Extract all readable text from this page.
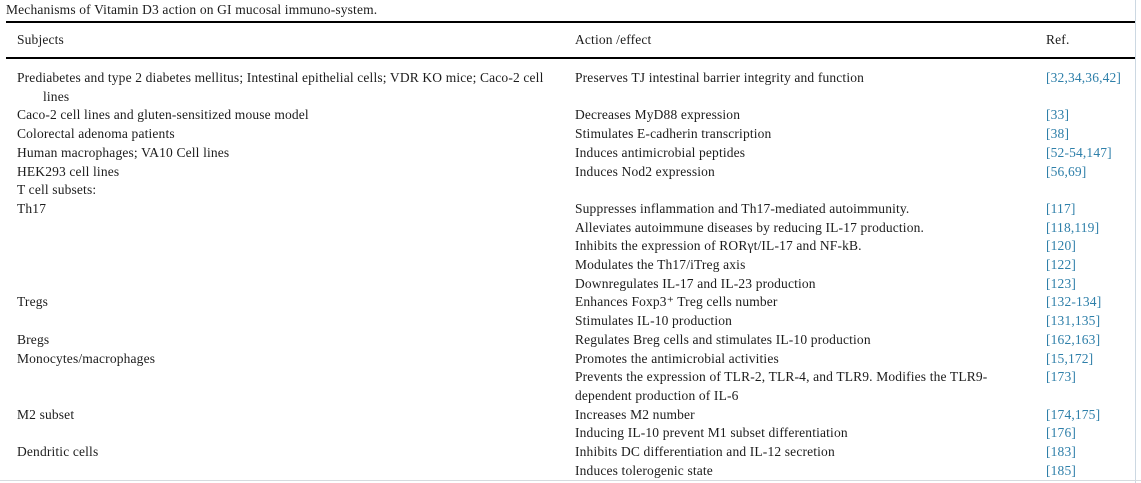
Mechanisms of Vitamin D3 action on GI mucosal immuno-system.
Subjects	Action /effect	Ref.
Prediabetes and type 2 diabetes mellitus; Intestinal epithelial cells; VDR KO mice; Caco-2 cell lines	Preserves TJ intestinal barrier integrity and function	[32,34,36,42]
Caco-2 cell lines and gluten-sensitized mouse model	Decreases MyD88 expression	[33]
Colorectal adenoma patients	Stimulates E-cadherin transcription	[38]
Human macrophages; VA10 Cell lines	Induces antimicrobial peptides	[52-54,147]
HEK293 cell lines	Induces Nod2 expression	[56,69]
T cell subsets:		
Th17	Suppresses inflammation and Th17-mediated autoimmunity.	[117]
	Alleviates autoimmune diseases by reducing IL-17 production.	[118,119]
	Inhibits the expression of RORγt/IL-17 and NF-kB.	[120]
	Modulates the Th17/iTreg axis	[122]
	Downregulates IL-17 and IL-23 production	[123]
Tregs	Enhances Foxp3⁺ Treg cells number	[132-134]
	Stimulates IL-10 production	[131,135]
Bregs	Regulates Breg cells and stimulates IL-10 production	[162,163]
Monocytes/macrophages	Promotes the antimicrobial activities	[15,172]
	Prevents the expression of TLR-2, TLR-4, and TLR9. Modifies the TLR9-dependent production of IL-6	[173]
M2 subset	Increases M2 number	[174,175]
	Inducing IL-10 prevent M1 subset differentiation	[176]
Dendritic cells	Inhibits DC differentiation and IL-12 secretion	[183]
	Induces tolerogenic state	[185]
